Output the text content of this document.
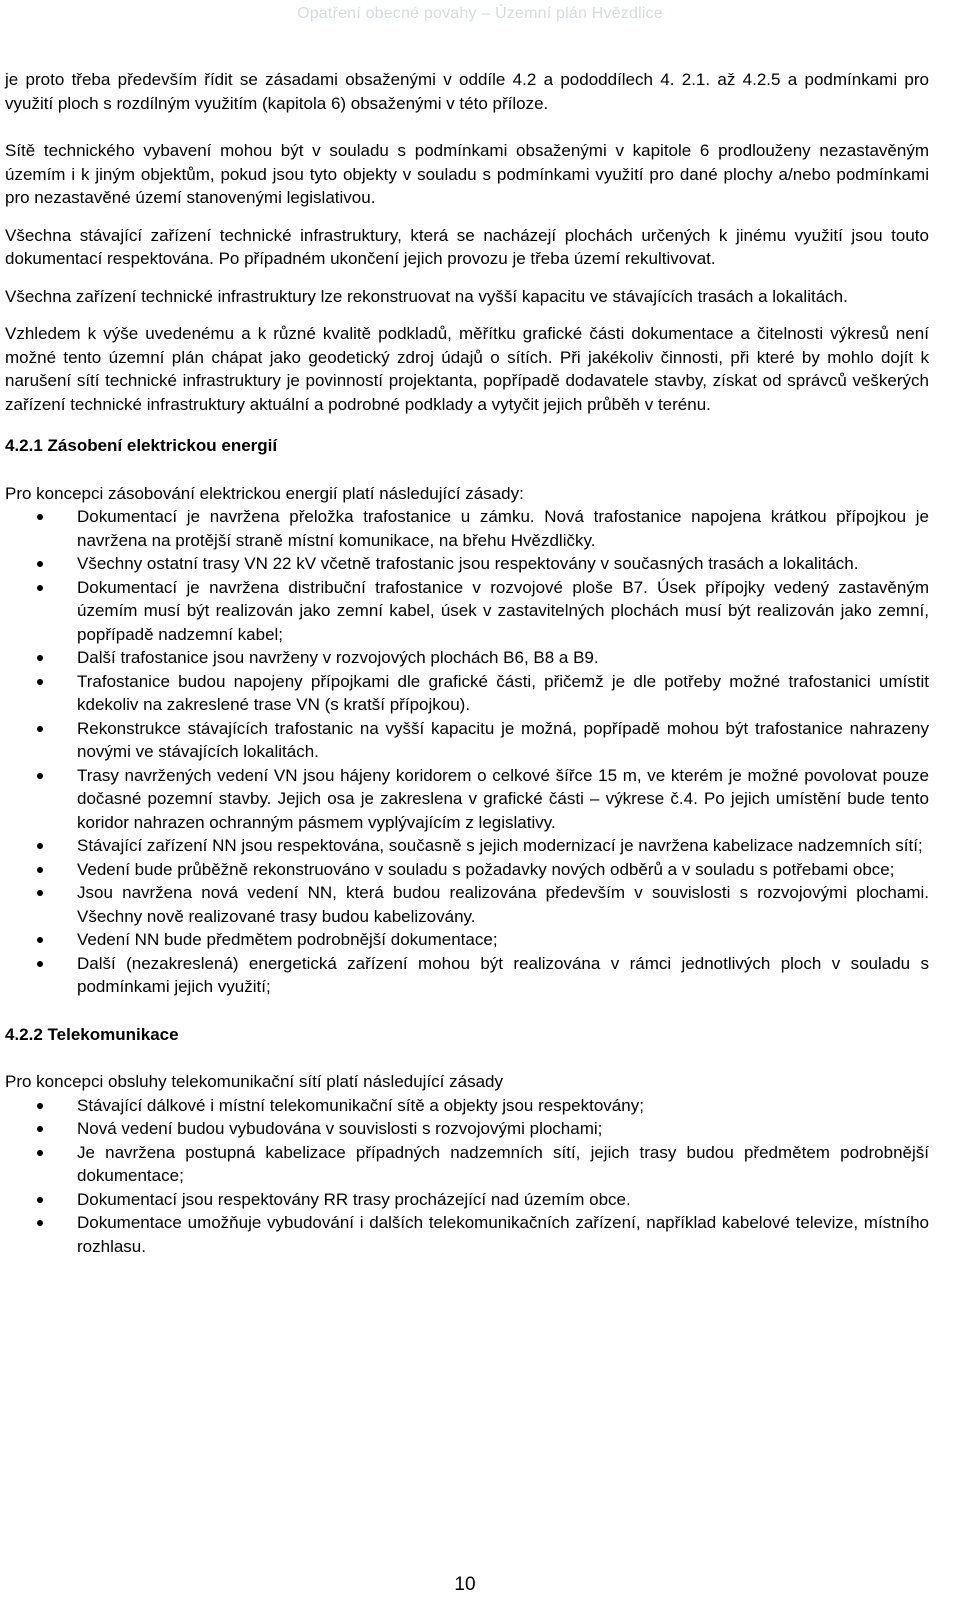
Opatření obecné povahy – Územní plán Hvězdlice

je proto třeba především řídit se zásadami obsaženými v oddíle 4.2 a pododdílech 4. 2.1. až 4.2.5 a podmínkami pro využití ploch s rozdílným využitím (kapitola 6) obsaženými v této příloze.

Sítě technického vybavení mohou být v souladu s podmínkami obsaženými v kapitole 6 prodlouženy nezastavěným územím i k jiným objektům, pokud jsou tyto objekty v souladu s podmínkami využití pro dané plochy a/nebo podmínkami pro nezastavěné území stanovenými legislativou.

Všechna stávající zařízení technické infrastruktury, která se nacházejí plochách určených k jinému využití jsou touto dokumentací respektována. Po případném ukončení jejich provozu je třeba území rekultivovat.

Všechna zařízení technické infrastruktury lze rekonstruovat na vyšší kapacitu ve stávajících trasách a lokalitách.

Vzhledem k výše uvedenému a k různé kvalitě podkladů, měřítku grafické části dokumentace a čitelnosti výkresů není možné tento územní plán chápat jako geodetický zdroj údajů o sítích. Při jakékoliv činnosti, při které by mohlo dojít k narušení sítí technické infrastruktury je povinností projektanta, popřípadě dodavatele stavby, získat od správců veškerých zařízení technické infrastruktury aktuální a podrobné podklady a vytyčit jejich průběh v terénu.

4.2.1 Zásobení elektrickou energií

Pro koncepci zásobování elektrickou energií platí následující zásady:

Dokumentací je navržena přeložka trafostanice u zámku. Nová trafostanice napojena krátkou přípojkou je navržena na protější straně místní komunikace, na břehu Hvězdličky.
Všechny ostatní trasy VN 22 kV včetně trafostanic jsou respektovány v současných trasách a lokalitách.
Dokumentací je navržena distribuční trafostanice v rozvojové ploše B7. Úsek přípojky vedený zastavěným územím musí být realizován jako zemní kabel, úsek v zastavitelných plochách musí být realizován jako zemní, popřípadě nadzemní kabel;
Další trafostanice jsou navrženy v rozvojových plochách B6, B8 a B9.
Trafostanice budou napojeny přípojkami dle grafické části, přičemž je dle potřeby možné trafostanici umístit kdekoliv na zakreslené trase VN (s kratší přípojkou).
Rekonstrukce stávajících trafostanic na vyšší kapacitu je možná, popřípadě mohou být trafostanice nahrazeny novými ve stávajících lokalitách.
Trasy navržených vedení VN jsou hájeny koridorem o celkové šířce 15 m, ve kterém je možné povolovat pouze dočasné pozemní stavby. Jejich osa je zakreslena v grafické části – výkrese č.4. Po jejich umístění bude tento koridor nahrazen ochranným pásmem vyplývajícím z legislativy.
Stávající zařízení NN jsou respektována, současně s jejich modernizací je navržena kabelizace nadzemních sítí;
Vedení bude průběžně rekonstruováno v souladu s požadavky nových odběrů a v souladu s potřebami obce;
Jsou navržena nová vedení NN, která budou realizována především v souvislosti s rozvojovými plochami. Všechny nově realizované trasy budou kabelizovány.
Vedení NN bude předmětem podrobnější dokumentace;
Další (nezakreslená) energetická zařízení mohou být realizována v rámci jednotlivých ploch v souladu s podmínkami jejich využití;
4.2.2 Telekomunikace

Pro koncepci obsluhy telekomunikační sítí platí následující zásady

Stávající dálkové i místní telekomunikační sítě a objekty jsou respektovány;
Nová vedení budou vybudována v souvislosti s rozvojovými plochami;
Je navržena postupná kabelizace případných nadzemních sítí, jejich trasy budou předmětem podrobnější dokumentace;
Dokumentací jsou respektovány RR trasy procházející nad územím obce.
Dokumentace umožňuje vybudování i dalších telekomunikačních zařízení, například kabelové televize, místního rozhlasu.
10
